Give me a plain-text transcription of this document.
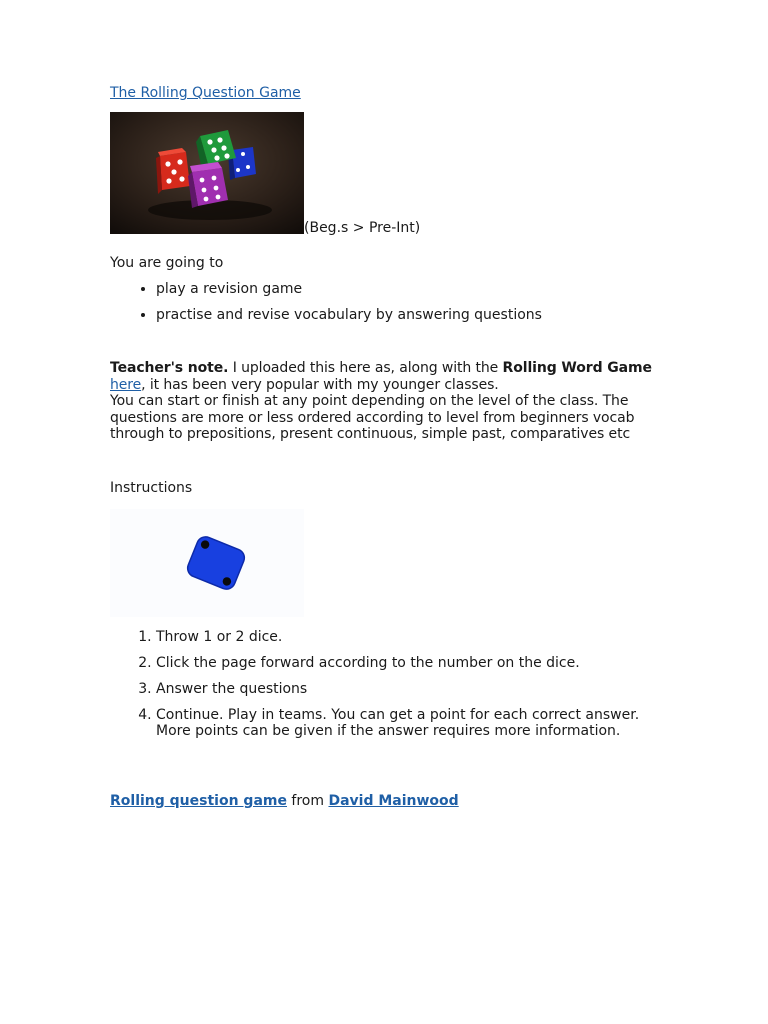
The Rolling Question Game
(Beg.s > Pre-Int)
You are going to
• play a revision game
• practise and revise vocabulary by answering questions
Teacher's note. I uploaded this here as, along with the Rolling Word Game here, it has been very popular with my younger classes.
You can start or finish at any point depending on the level of the class. The questions are more or less ordered according to level from beginners vocab through to prepositions, present continuous, simple past, comparatives etc
Instructions
1. Throw 1 or 2 dice.
2. Click the page forward according to the number on the dice.
3. Answer the questions
4. Continue. Play in teams. You can get a point for each correct answer. More points can be given if the answer requires more information.
Rolling question game from David Mainwood
